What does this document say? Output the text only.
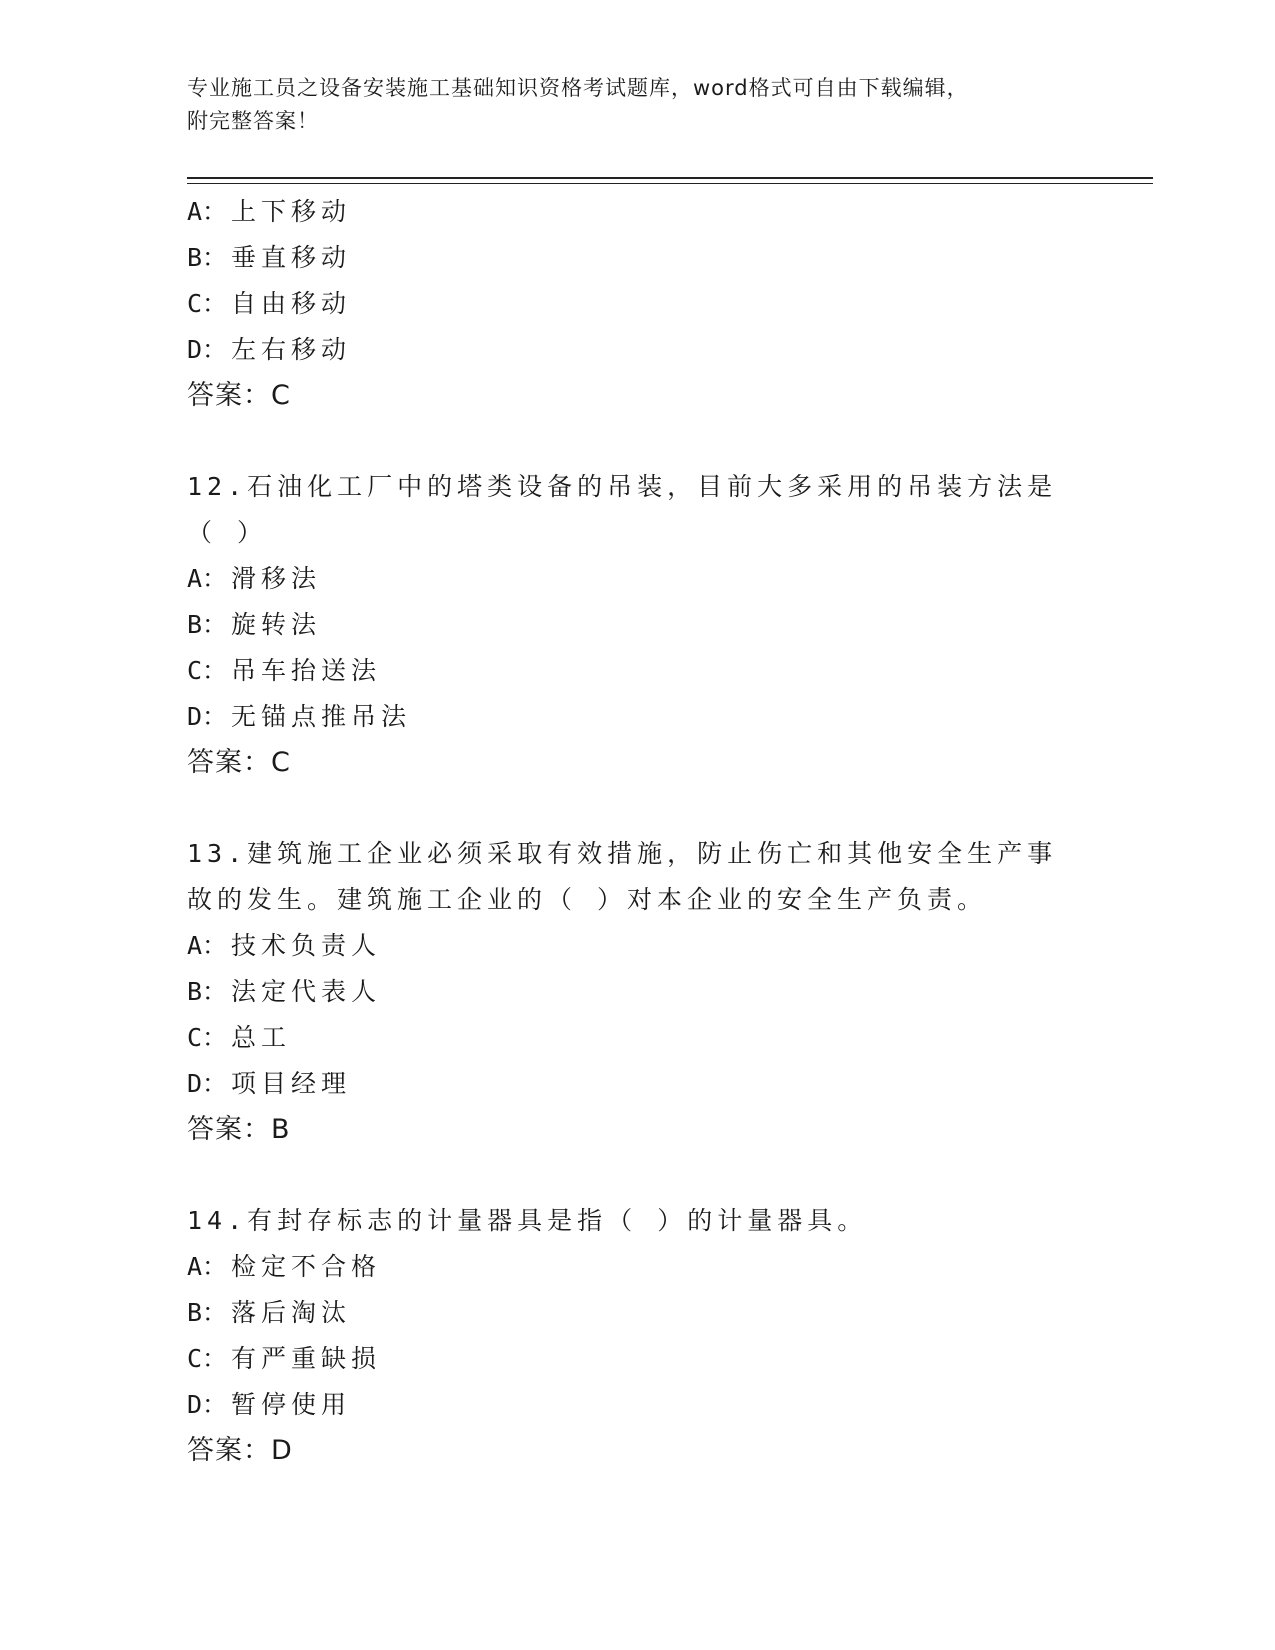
专业施工员之设备安装施工基础知识资格考试题库，word格式可自由下载编辑，
附完整答案！
A： 上下移动
B： 垂直移动
C： 自由移动
D： 左右移动
答案：C
12.石油化工厂中的塔类设备的吊装，目前大多采用的吊装方法是（ ）
A： 滑移法
B： 旋转法
C： 吊车抬送法
D： 无锚点推吊法
答案：C
13.建筑施工企业必须采取有效措施，防止伤亡和其他安全生产事故的发生。建筑施工企业的（ ）对本企业的安全生产负责。
A： 技术负责人
B： 法定代表人
C： 总工
D： 项目经理
答案：B
14.有封存标志的计量器具是指（ ）的计量器具。
A： 检定不合格
B： 落后淘汰
C： 有严重缺损
D： 暂停使用
答案：D
